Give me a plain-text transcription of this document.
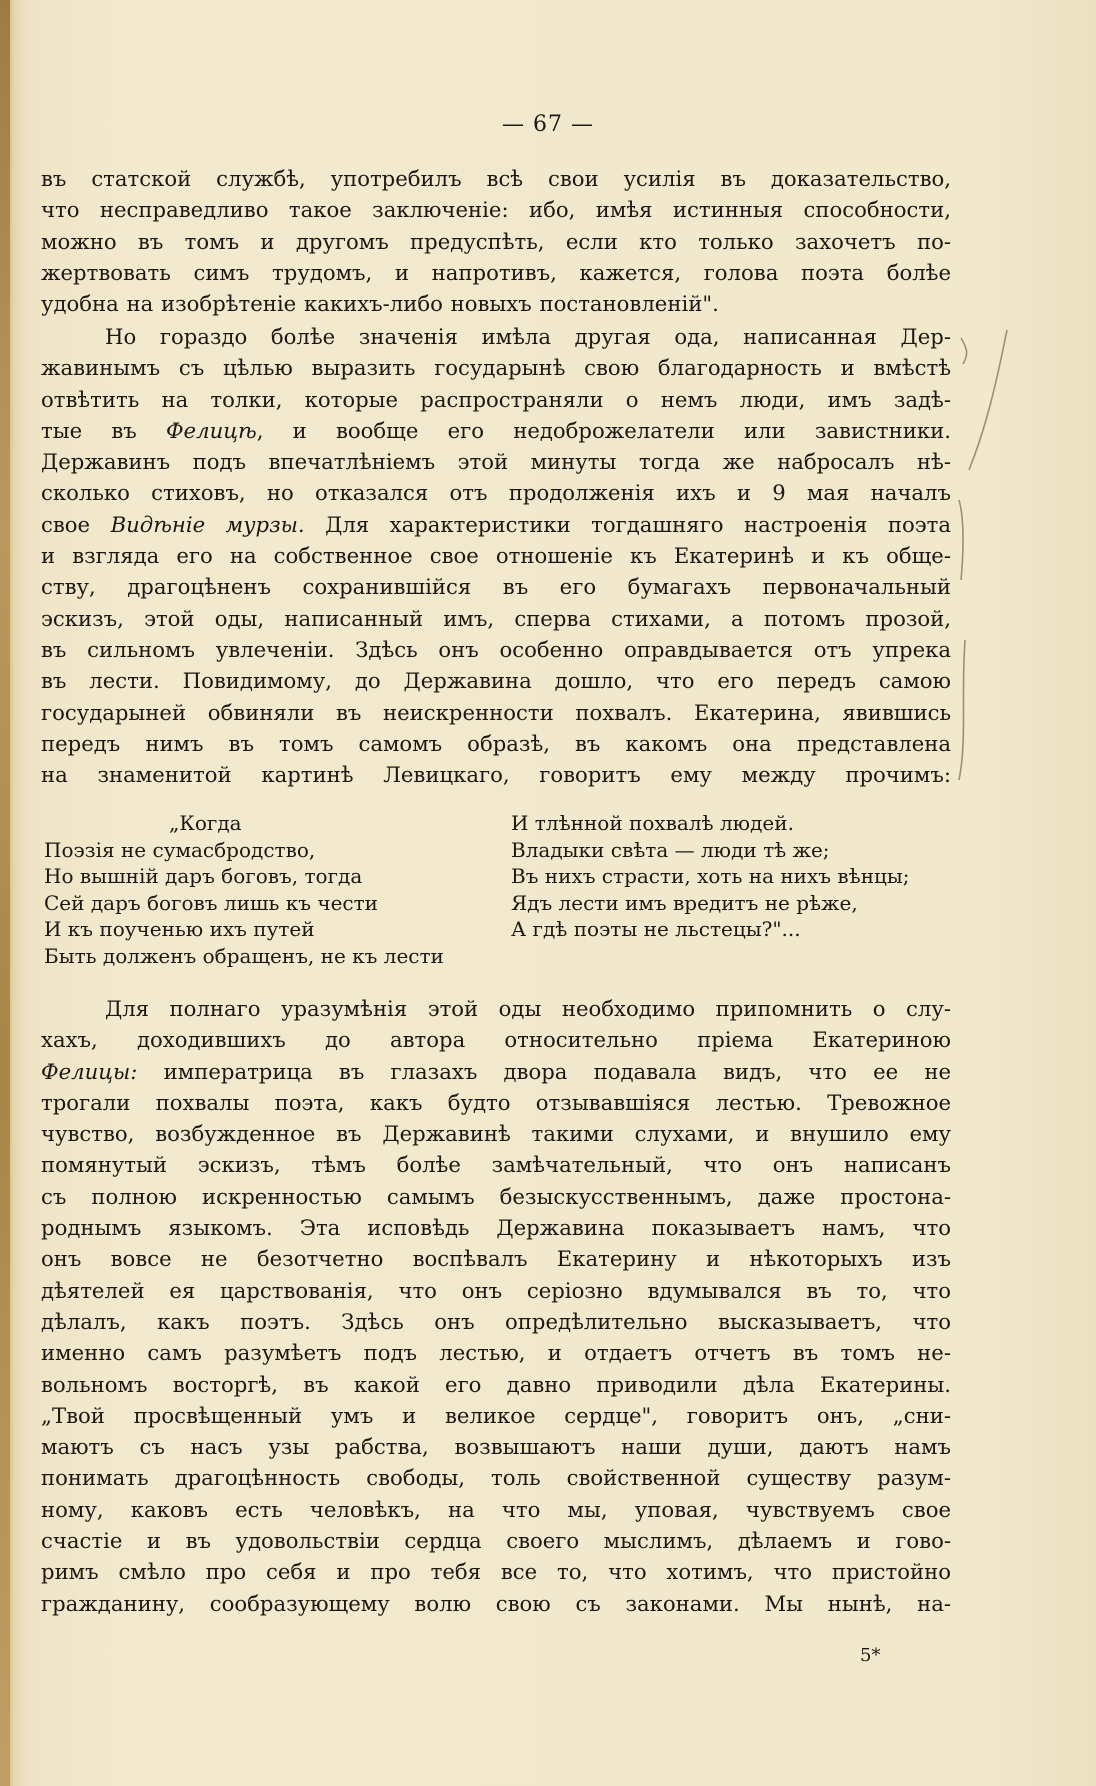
— 67 —
въ статской службѣ, употребилъ всѣ свои усилія въ доказательство,
что несправедливо такое заключеніе: ибо, имѣя истинныя способности,
можно въ томъ и другомъ предуспѣть, если кто только захочетъ по-
жертвовать симъ трудомъ, и напротивъ, кажется, голова поэта болѣе
удобна на изобрѣтеніе какихъ-либо новыхъ постановленій".
Но гораздо болѣе значенія имѣла другая ода, написанная Дер-
жавинымъ съ цѣлью выразить государынѣ свою благодарность и вмѣстѣ
отвѣтить на толки, которые распространяли о немъ люди, имъ задѣ-
тые въ Фелицѣ, и вообще его недоброжелатели или завистники.
Державинъ подъ впечатлѣніемъ этой минуты тогда же набросалъ нѣ-
сколько стиховъ, но отказался отъ продолженія ихъ и 9 мая началъ
свое Видѣніе мурзы. Для характеристики тогдашняго настроенія поэта
и взгляда его на собственное свое отношеніе къ Екатеринѣ и къ обще-
ству, драгоцѣненъ сохранившійся въ его бумагахъ первоначальный
эскизъ, этой оды, написанный имъ, сперва стихами, а потомъ прозой,
въ сильномъ увлеченіи. Здѣсь онъ особенно оправдывается отъ упрека
въ лести. Повидимому, до Державина дошло, что его передъ самою
государыней обвиняли въ неискренности похвалъ. Екатерина, явившись
передъ нимъ въ томъ самомъ образѣ, въ какомъ она представлена
на знаменитой картинѣ Левицкаго, говоритъ ему между прочимъ:
„Когда
Поэзія не сумасбродство,
Но вышній даръ боговъ, тогда
Сей даръ боговъ лишь къ чести
И къ поученью ихъ путей
Быть долженъ обращенъ, не къ лести
И тлѣнной похвалѣ людей.
Владыки свѣта — люди тѣ же;
Въ нихъ страсти, хоть на нихъ вѣнцы;
Ядъ лести имъ вредитъ не рѣже,
А гдѣ поэты не льстецы?"...
Для полнаго уразумѣнія этой оды необходимо припомнить о слу-
хахъ, доходившихъ до автора относительно пріема Екатериною
Фелицы: императрица въ глазахъ двора подавала видъ, что ее не
трогали похвалы поэта, какъ будто отзывавшіяся лестью. Тревожное
чувство, возбужденное въ Державинѣ такими слухами, и внушило ему
помянутый эскизъ, тѣмъ болѣе замѣчательный, что онъ написанъ
съ полною искренностью самымъ безыскусственнымъ, даже простона-
роднымъ языкомъ. Эта исповѣдь Державина показываетъ намъ, что
онъ вовсе не безотчетно воспѣвалъ Екатерину и нѣкоторыхъ изъ
дѣятелей ея царствованія, что онъ серіозно вдумывался въ то, что
дѣлалъ, какъ поэтъ. Здѣсь онъ опредѣлительно высказываетъ, что
именно самъ разумѣетъ подъ лестью, и отдаетъ отчетъ въ томъ не-
вольномъ восторгѣ, въ какой его давно приводили дѣла Екатерины.
„Твой просвѣщенный умъ и великое сердце", говоритъ онъ, „сни-
маютъ съ насъ узы рабства, возвышаютъ наши души, даютъ намъ
понимать драгоцѣнность свободы, толь свойственной существу разум-
ному, каковъ есть человѣкъ, на что мы, уповая, чувствуемъ свое
счастіе и въ удовольствіи сердца своего мыслимъ, дѣлаемъ и гово-
римъ смѣло про себя и про тебя все то, что хотимъ, что пристойно
гражданину, сообразующему волю свою съ законами. Мы нынѣ, на-
5*
